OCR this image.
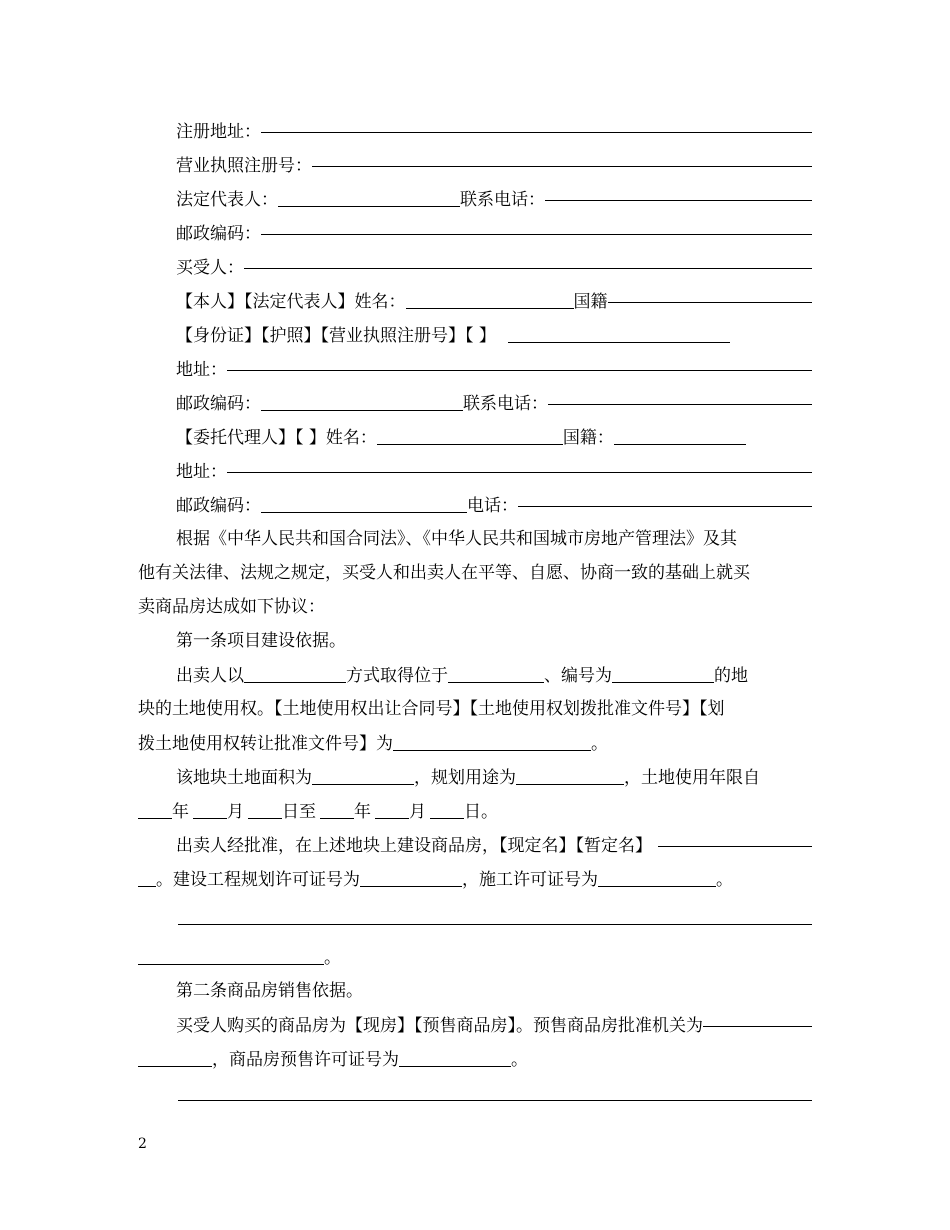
注册地址：
营业执照注册号：
法定代表人：	联系电话：
邮政编码：
买受人：
【本人】【法定代表人】姓名：	国籍
【身份证】【护照】【营业执照注册号】【 】
地址：
邮政编码：	联系电话：
【委托代理人】【 】姓名：	国籍：
地址：
邮政编码：	电话：
根据《中华人民共和国合同法》、《中华人民共和国城市房地产管理法》及其
他有关法律、法规之规定，买受人和出卖人在平等、自愿、协商一致的基础上就买
卖商品房达成如下协议：
第一条项目建设依据。
出卖人以	方式取得位于	、编号为	的地
块的土地使用权。【土地使用权出让合同号】【土地使用权划拨批准文件号】【划
拨土地使用权转让批准文件号】为	。
该地块土地面积为	，规划用途为	，土地使用年限自
年 月 日至 年 月 日。
出卖人经批准，在上述地块上建设商品房，【现定名】【暂定名】
。建设工程规划许可证号为	，施工许可证号为	。
。
第二条商品房销售依据。
买受人购买的商品房为【现房】【预售商品房】。预售商品房批准机关为
，商品房预售许可证号为	。
2
